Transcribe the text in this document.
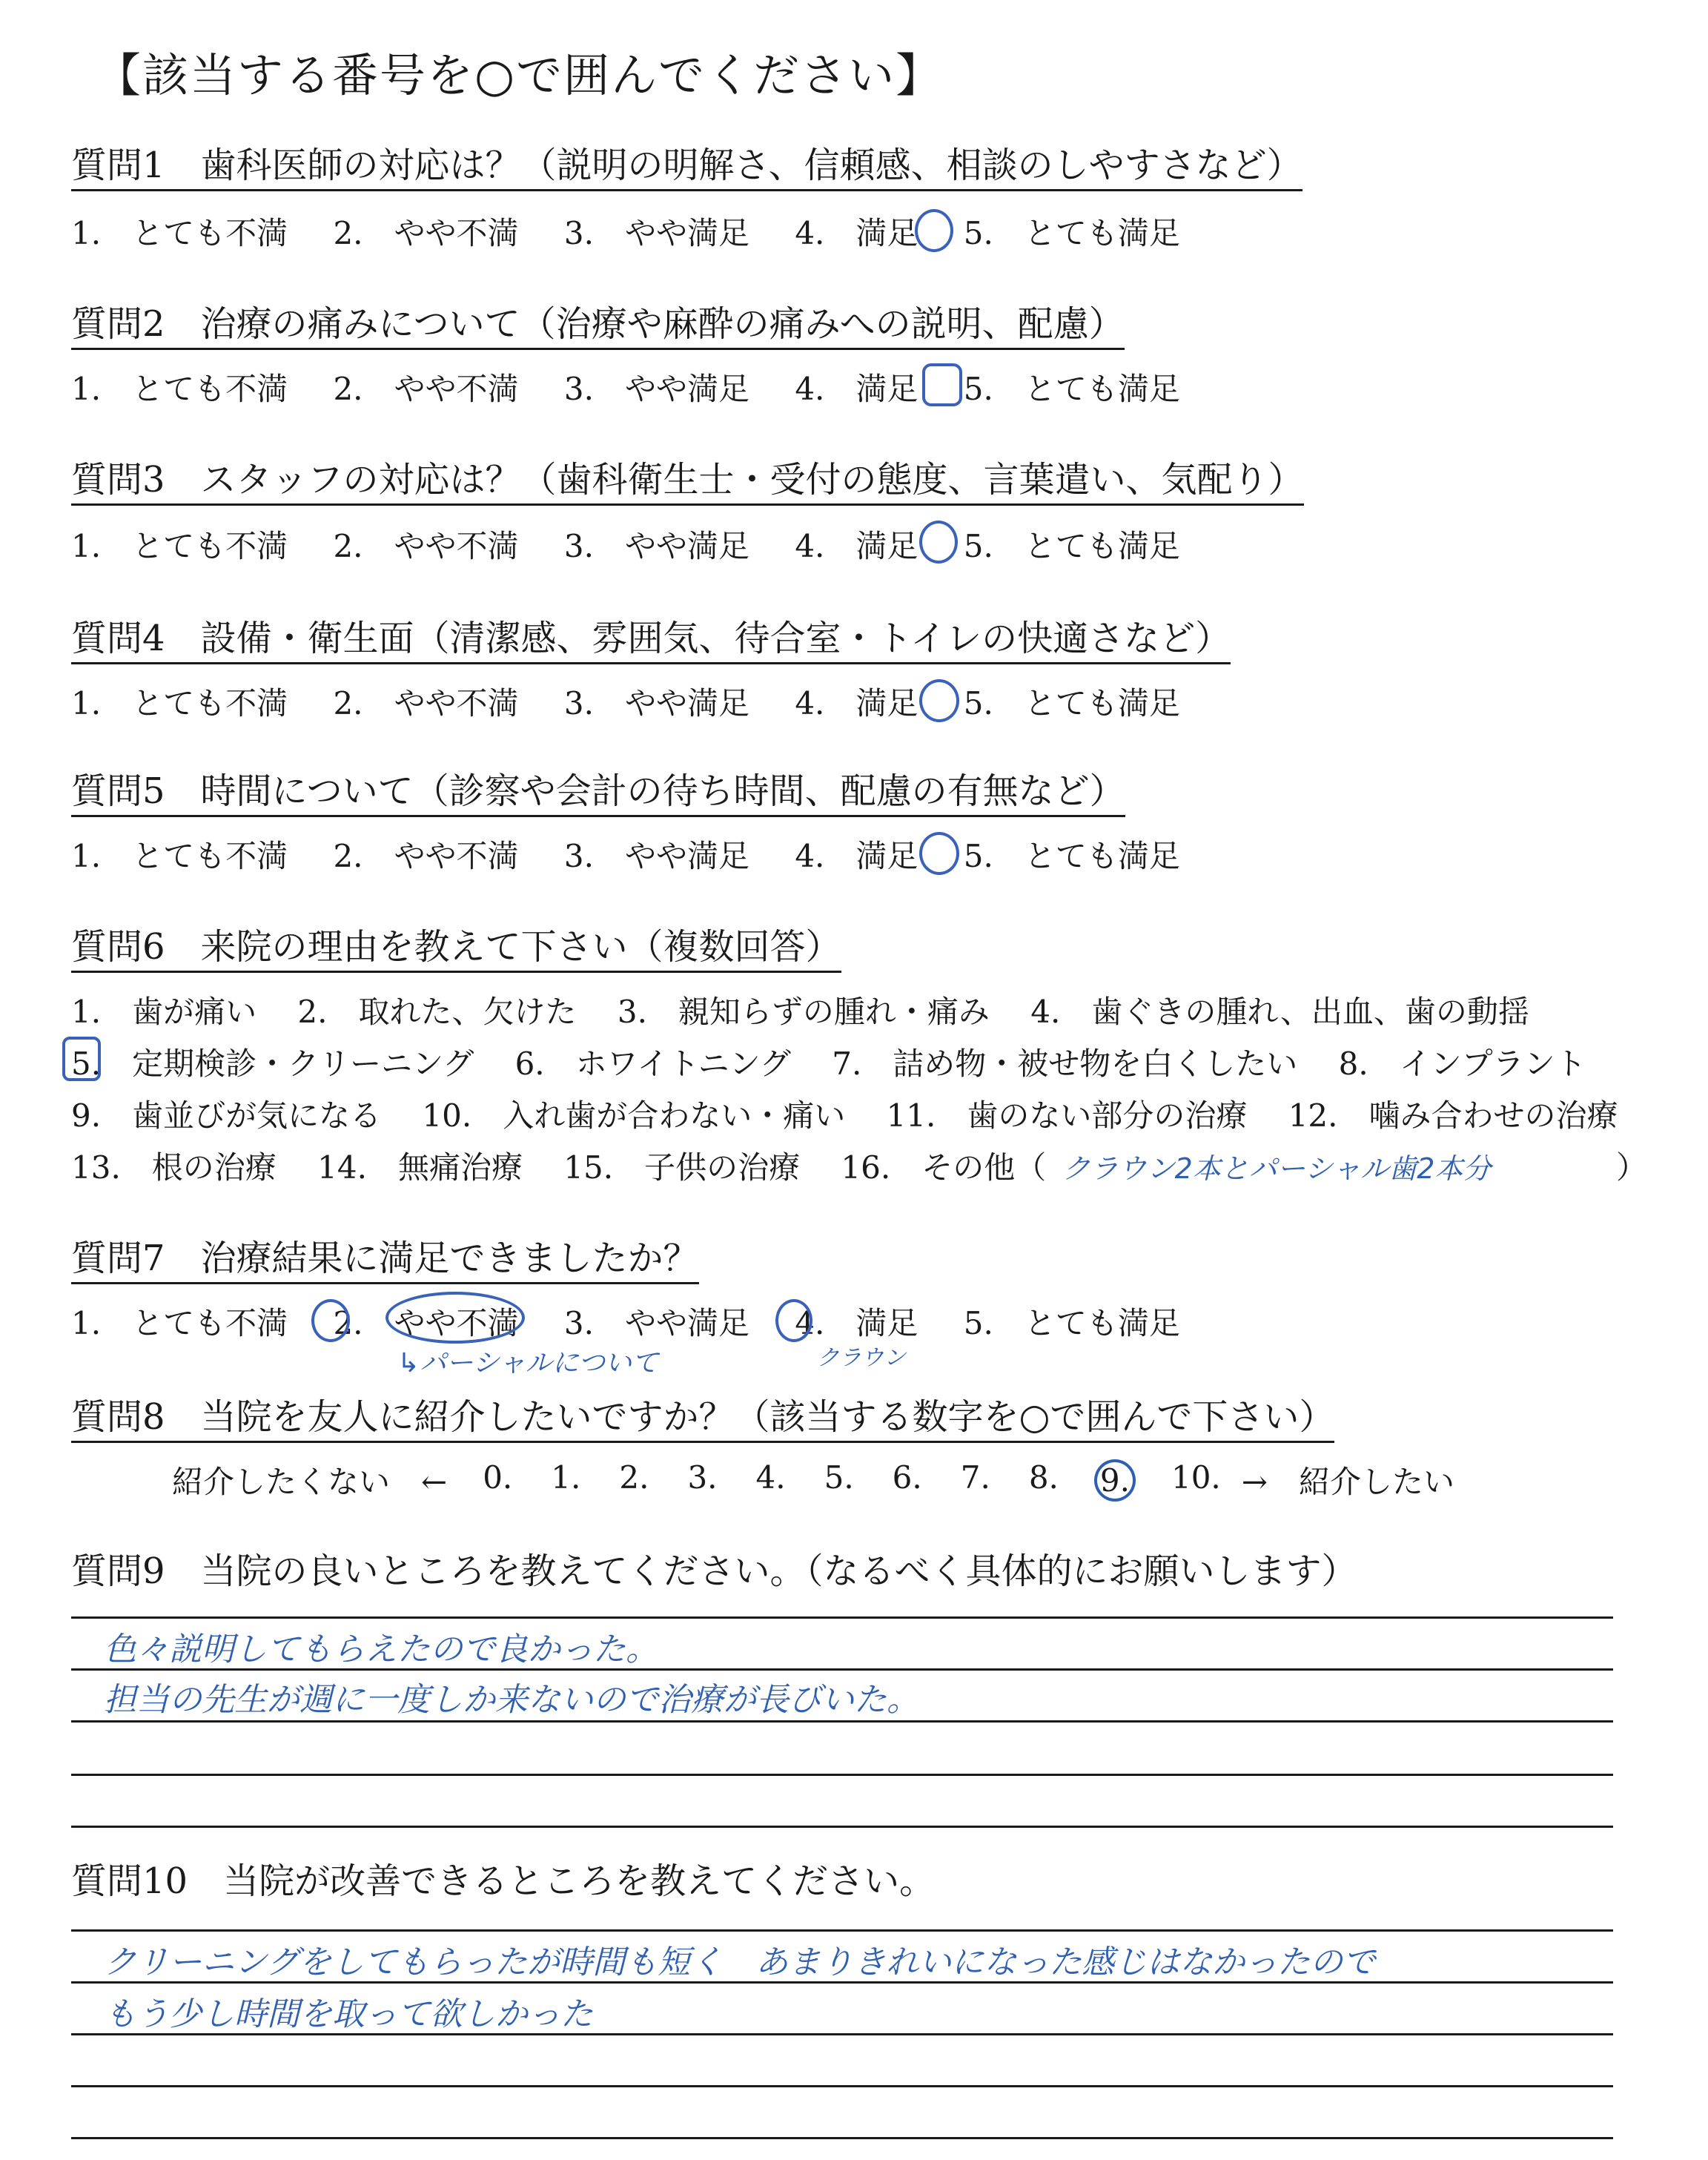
【該当する番号を○で囲んでください】
質問1　歯科医師の対応は？（説明の明解さ、信頼感、相談のしやすさなど）
1.　とても不満 2.　やや不満 3.　やや満足 4.　満足 5.　とても満足
質問2　治療の痛みについて（治療や麻酔の痛みへの説明、配慮）
1.　とても不満 2.　やや不満 3.　やや満足 4.　満足 5.　とても満足
質問3　スタッフの対応は？（歯科衛生士・受付の態度、言葉遣い、気配り）
1.　とても不満 2.　やや不満 3.　やや満足 4.　満足 5.　とても満足
質問4　設備・衛生面（清潔感、雰囲気、待合室・トイレの快適さなど）
1.　とても不満 2.　やや不満 3.　やや満足 4.　満足 5.　とても満足
質問5　時間について（診察や会計の待ち時間、配慮の有無など）
1.　とても不満 2.　やや不満 3.　やや満足 4.　満足 5.　とても満足
質問6　来院の理由を教えて下さい（複数回答）
1.　歯が痛い　 2.　取れた、欠けた　 3.　親知らずの腫れ・痛み　 4.　歯ぐきの腫れ、出血、歯の動揺
5.　定期検診・クリーニング　 6.　ホワイトニング　 7.　詰め物・被せ物を白くしたい　 8.　インプラント
9.　歯並びが気になる　 10.　入れ歯が合わない・痛い　 11.　歯のない部分の治療　 12.　噛み合わせの治療
13.　根の治療　 14.　無痛治療　 15.　子供の治療　 16.　その他（ クラウン2本とパーシャル歯2本分	）
質問7　治療結果に満足できましたか？
1.　とても不満 2.　やや不満 3.　やや満足 4.　満足 5.　とても満足
↳パーシャルについて	クラウン
質問8　当院を友人に紹介したいですか？（該当する数字を○で囲んで下さい）
紹介したくない　← 0. 1. 2. 3. 4. 5. 6. 7. 8. 9. 10. →　紹介したい
質問9　当院の良いところを教えてください。（なるべく具体的にお願いします）
色々説明してもらえたので良かった。
担当の先生が週に一度しか来ないので治療が長びいた。
質問10　当院が改善できるところを教えてください。
クリーニングをしてもらったが時間も短く　あまりきれいになった感じはなかったので
もう少し時間を取って欲しかった
